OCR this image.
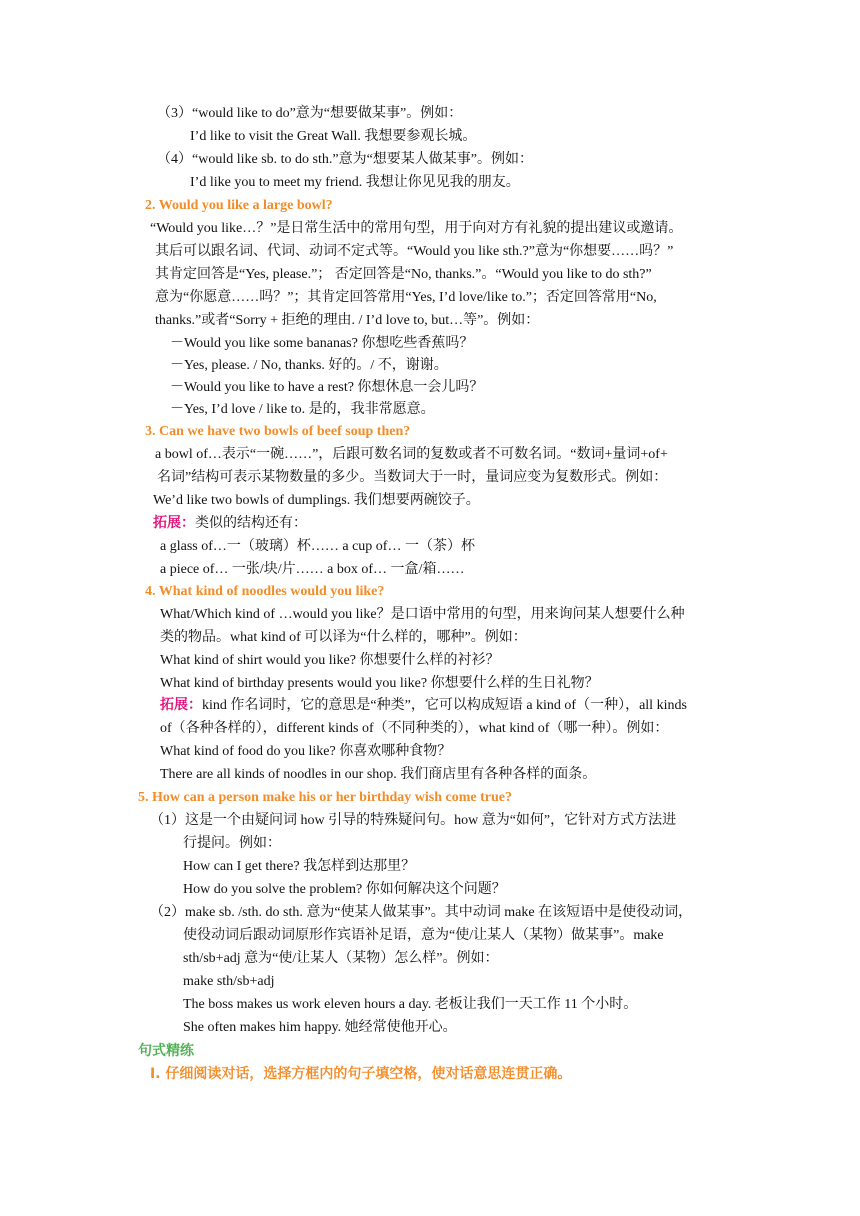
（3）“would like to do”意为“想要做某事”。例如：
I’d like to visit the Great Wall. 我想要参观长城。
（4）“would like sb. to do sth.”意为“想要某人做某事”。例如：
I’d like you to meet my friend. 我想让你见见我的朋友。
2. Would you like a large bowl?
“Would you like…？”是日常生活中的常用句型，用于向对方有礼貌的提出建议或邀请。
其后可以跟名词、代词、动词不定式等。“Would you like sth.?”意为“你想要……吗？”
其肯定回答是“Yes, please.”； 否定回答是“No, thanks.”。“Would you like to do sth?”
意为“你愿意……吗？”；其肯定回答常用“Yes, I’d love/like to.”；否定回答常用“No,
thanks.”或者“Sorry + 拒绝的理由. / I’d love to, but…等”。例如：
－Would you like some bananas? 你想吃些香蕉吗？
－Yes, please. / No, thanks. 好的。/ 不，谢谢。
－Would you like to have a rest? 你想休息一会儿吗？
－Yes, I’d love / like to. 是的，我非常愿意。
3. Can we have two bowls of beef soup then?
a bowl of…表示“一碗……”，后跟可数名词的复数或者不可数名词。“数词+量词+of+
名词”结构可表示某物数量的多少。当数词大于一时，量词应变为复数形式。例如：
We’d like two bowls of dumplings. 我们想要两碗饺子。
拓展：类似的结构还有：
a glass of…一（玻璃）杯…… a cup of… 一（茶）杯
a piece of… 一张/块/片…… a box of… 一盒/箱……
4. What kind of noodles would you like?
What/Which kind of …would you like？是口语中常用的句型，用来询问某人想要什么种
类的物品。what kind of 可以译为“什么样的，哪种”。例如：
What kind of shirt would you like? 你想要什么样的衬衫？
What kind of birthday presents would you like? 你想要什么样的生日礼物？
拓展：kind 作名词时，它的意思是“种类”，它可以构成短语 a kind of（一种），all kinds
of（各种各样的），different kinds of（不同种类的），what kind of（哪一种）。例如：
What kind of food do you like? 你喜欢哪种食物？
There are all kinds of noodles in our shop. 我们商店里有各种各样的面条。
5. How can a person make his or her birthday wish come true?
（1）这是一个由疑问词 how 引导的特殊疑问句。how 意为“如何”，它针对方式方法进
行提问。例如：
How can I get there? 我怎样到达那里？
How do you solve the problem? 你如何解决这个问题？
（2）make sb. /sth. do sth. 意为“使某人做某事”。其中动词 make 在该短语中是使役动词，
使役动词后跟动词原形作宾语补足语，意为“使/让某人（某物）做某事”。make
sth/sb+adj 意为“使/让某人（某物）怎么样”。例如：
make sth/sb+adj
The boss makes us work eleven hours a day. 老板让我们一天工作 11 个小时。
She often makes him happy. 她经常使他开心。
句式精练
Ⅰ. 仔细阅读对话，选择方框内的句子填空格，使对话意思连贯正确。
